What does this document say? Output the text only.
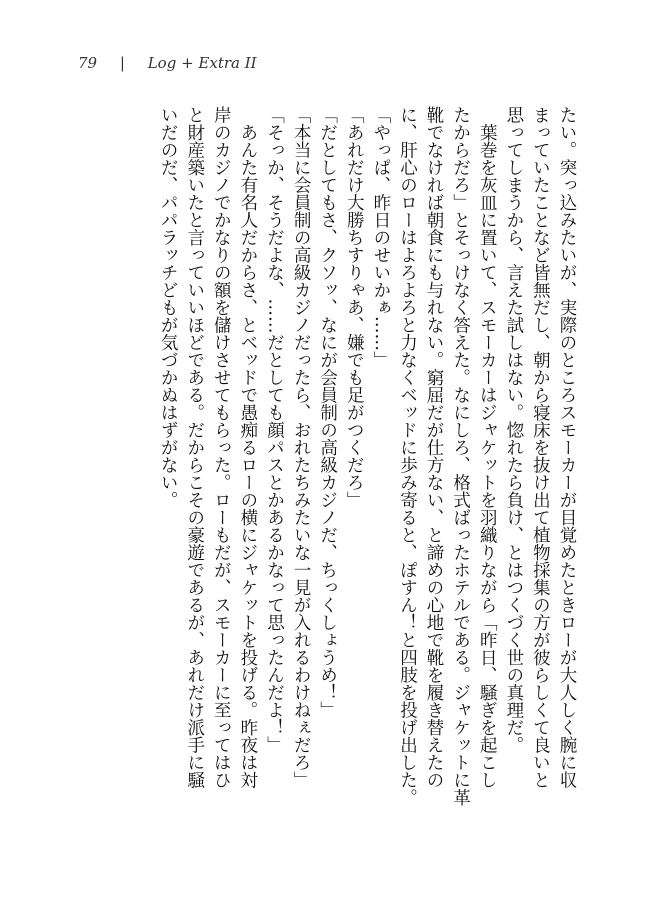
79 | Log + Extra II
たい。突っ込みたいが、実際のところスモーカーが目覚めたときローが大人しく腕に収
まっていたことなど皆無だし、朝から寝床を抜け出て植物採集の方が彼らしくて良いと
思ってしまうから、言えた試しはない。惚れたら負け、とはつくづく世の真理だ。
　葉巻を灰皿に置いて、スモーカーはジャケットを羽織りながら「昨日、騒ぎを起こし
たからだろ」とそっけなく答えた。なにしろ、格式ばったホテルである。ジャケットに革
靴でなければ朝食にも与れない。窮屈だが仕方ない、と諦めの心地で靴を履き替えたの
に、肝心のローはよろよろと力なくベッドに歩み寄ると、ぽすん！と四肢を投げ出した。
「やっぱ、昨日のせいかぁ……」
「あれだけ大勝ちすりゃあ、嫌でも足がつくだろ」
「だとしてもさ、クソッ、なにが会員制の高級カジノだ、ちっくしょうめ！」
「本当に会員制の高級カジノだったら、おれたちみたいな一見が入れるわけねぇだろ」
「そっか、そうだよな、……だとしても顔パスとかあるかなって思ったんだよ！」
　あんた有名人だからさ、とベッドで愚痴るローの横にジャケットを投げる。昨夜は対
岸のカジノでかなりの額を儲けさせてもらった。ローもだが、スモーカーに至ってはひ
と財産築いたと言っていいほどである。だからこその豪遊であるが、あれだけ派手に騒
いだのだ、パパラッチどもが気づかぬはずがない。
